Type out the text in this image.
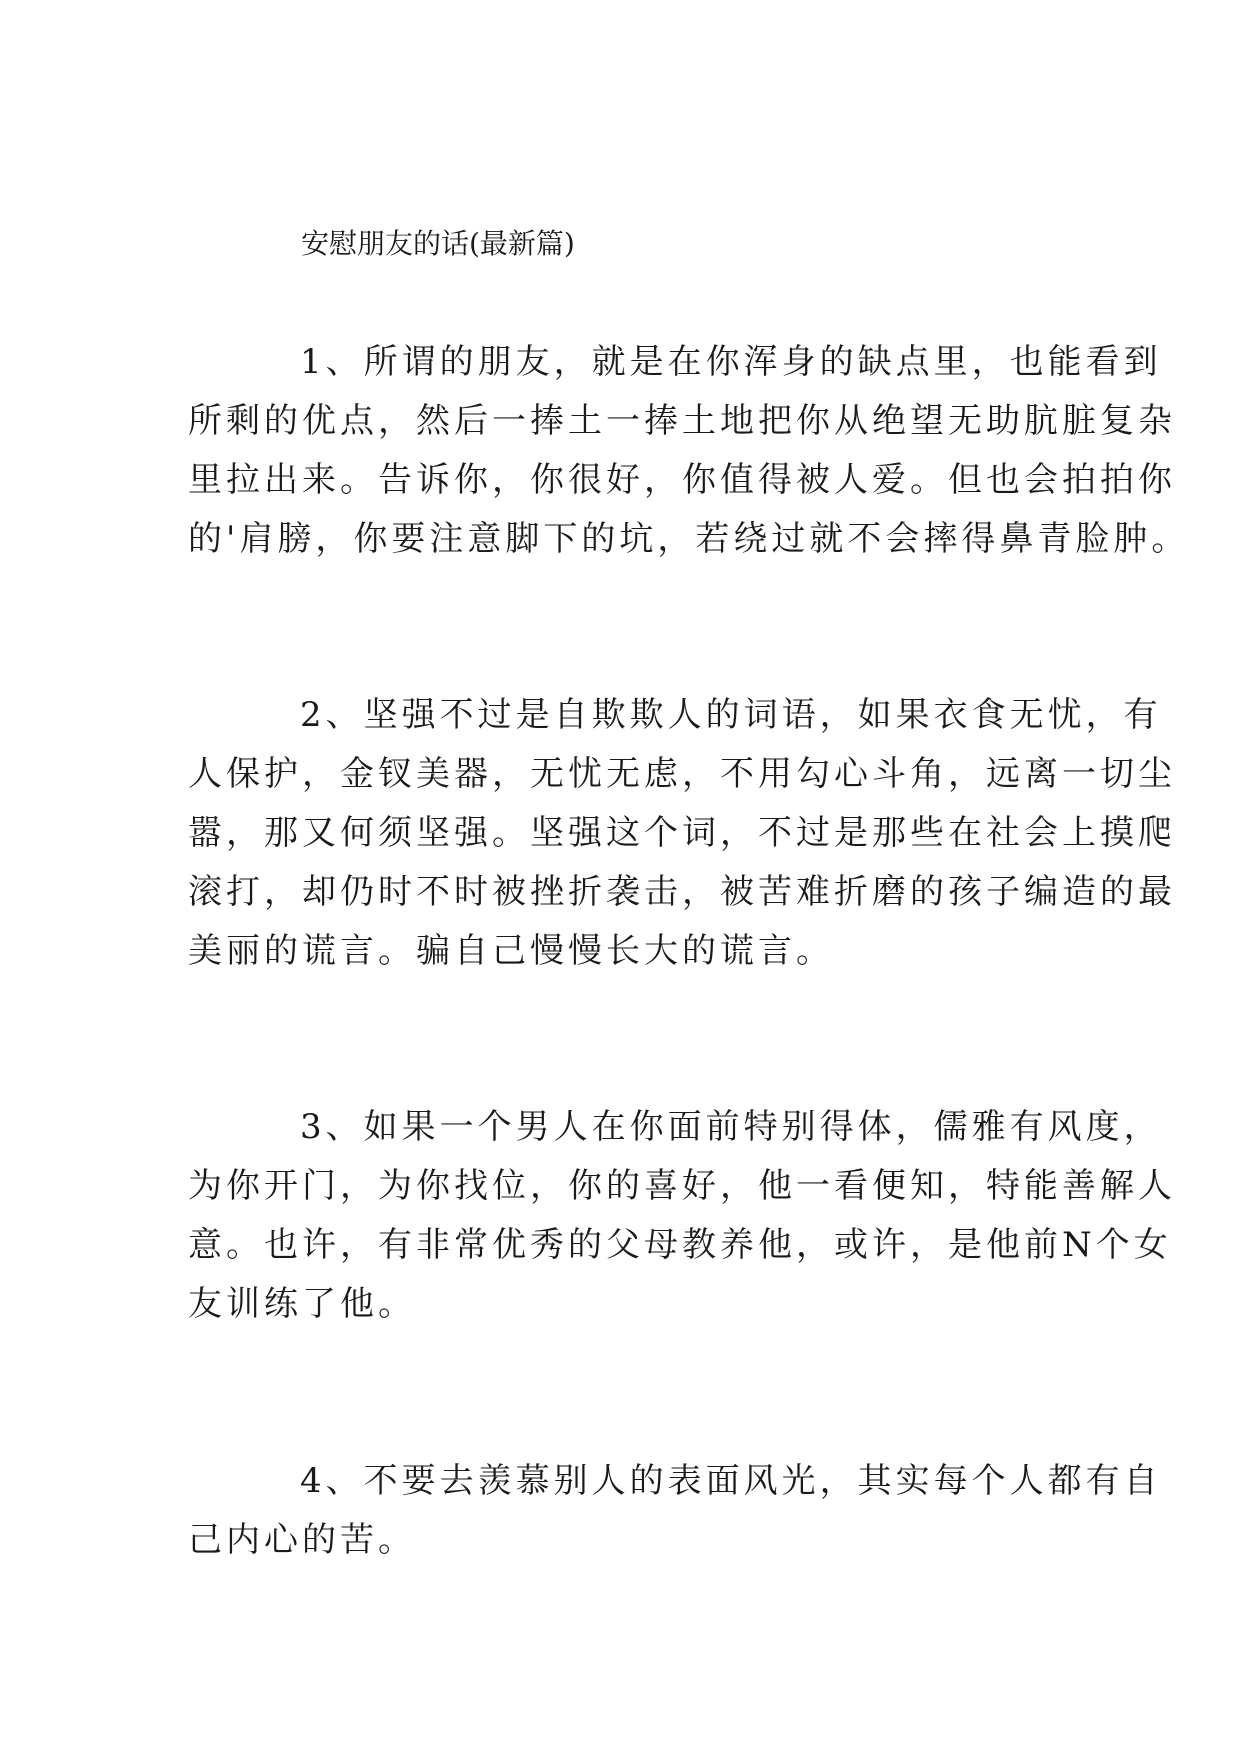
安慰朋友的话(最新篇)

1、所谓的朋友，就是在你浑身的缺点里，也能看到
所剩的优点，然后一捧土一捧土地把你从绝望无助肮脏复杂
里拉出来。告诉你，你很好，你值得被人爱。但也会拍拍你
的'肩膀，你要注意脚下的坑，若绕过就不会摔得鼻青脸肿。

2、坚强不过是自欺欺人的词语，如果衣食无忧，有
人保护，金钗美器，无忧无虑，不用勾心斗角，远离一切尘
嚣，那又何须坚强。坚强这个词，不过是那些在社会上摸爬
滚打，却仍时不时被挫折袭击，被苦难折磨的孩子编造的最
美丽的谎言。骗自己慢慢长大的谎言。

3、如果一个男人在你面前特别得体，儒雅有风度，
为你开门，为你找位，你的喜好，他一看便知，特能善解人
意。也许，有非常优秀的父母教养他，或许，是他前N个女
友训练了他。

4、不要去羡慕别人的表面风光，其实每个人都有自
己内心的苦。
